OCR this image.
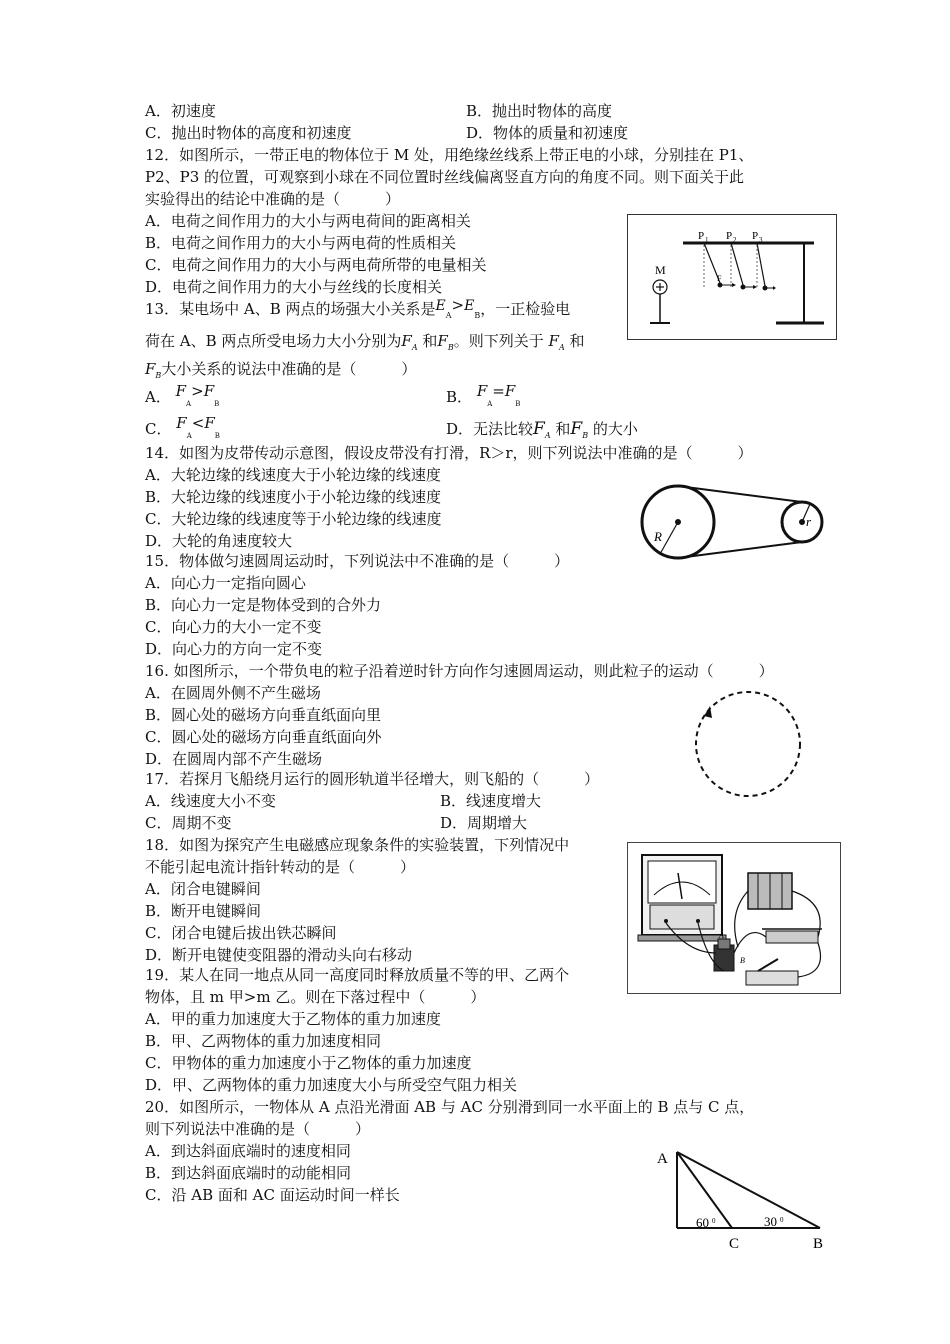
A．初速度	B．抛出时物体的高度
C．抛出时物体的高度和初速度	D．物体的质量和初速度
12．如图所示，一带正电的物体位于 M 处，用绝缘丝线系上带正电的小球，分别挂在 P1、
P2、P3 的位置，可观察到小球在不同位置时丝线偏离竖直方向的角度不同。则下面关于此
实验得出的结论中准确的是（　　　）
A．电荷之间作用力的大小与两电荷间的距离相关
B．电荷之间作用力的大小与两电荷的性质相关
C．电荷之间作用力的大小与两电荷所带的电量相关
D．电荷之间作用力的大小与丝线的长度相关
P 1 P 2 P 3
F
M
13．某电场中 A、B 两点的场强大小关系是$E_A>E_B$，一正检验电
荷在 A、B 两点所受电场力大小分别为$F_A$ 和$F_B$。则下列关于 $F_A$ 和
$F_B$大小关系的说法中准确的是（　　　）
A． $F_A>F_B$	B． $F_A=F_B$
C． $F_A<F_B$	D．无法比较$F_A$ 和$F_B$ 的大小
14．如图为皮带传动示意图，假设皮带没有打滑，R＞r，则下列说法中准确的是（　　　）
A．大轮边缘的线速度大于小轮边缘的线速度
B．大轮边缘的线速度小于小轮边缘的线速度
C．大轮边缘的线速度等于小轮边缘的线速度
D．大轮的角速度较大	R
r
15．物体做匀速圆周运动时，下列说法中不准确的是（　　　）
A．向心力一定指向圆心
B．向心力一定是物体受到的合外力
C．向心力的大小一定不变
D．向心力的方向一定不变
16. 如图所示，一个带负电的粒子沿着逆时针方向作匀速圆周运动，则此粒子的运动（　　　）
A．在圆周外侧不产生磁场
B．圆心处的磁场方向垂直纸面向里
C．圆心处的磁场方向垂直纸面向外
D．在圆周内部不产生磁场
17．若探月飞船绕月运行的圆形轨道半径增大，则飞船的（　　　）
A．线速度大小不变	B．线速度增大
C．周期不变	D．周期增大
18．如图为探究产生电磁感应现象条件的实验装置，下列情况中
不能引起电流计指针转动的是（　　　）
A．闭合电键瞬间
B．断开电键瞬间
C．闭合电键后拔出铁芯瞬间
D．断开电键使变阻器的滑动头向右移动
A
B
19．某人在同一地点从同一高度同时释放质量不等的甲、乙两个
物体，且 m 甲>m 乙。则在下落过程中（　　　）
A．甲的重力加速度大于乙物体的重力加速度
B．甲、乙两物体的重力加速度相同
C．甲物体的重力加速度小于乙物体的重力加速度
D．甲、乙两物体的重力加速度大小与所受空气阻力相关
20．如图所示，一物体从 A 点沿光滑面 AB 与 AC 分别滑到同一水平面上的 B 点与 C 点，
则下列说法中准确的是（　　　）
A．到达斜面底端时的速度相同
B．到达斜面底端时的动能相同
C．沿 AB 面和 AC 面运动时间一样长
A
C	B
60 0	30 0
